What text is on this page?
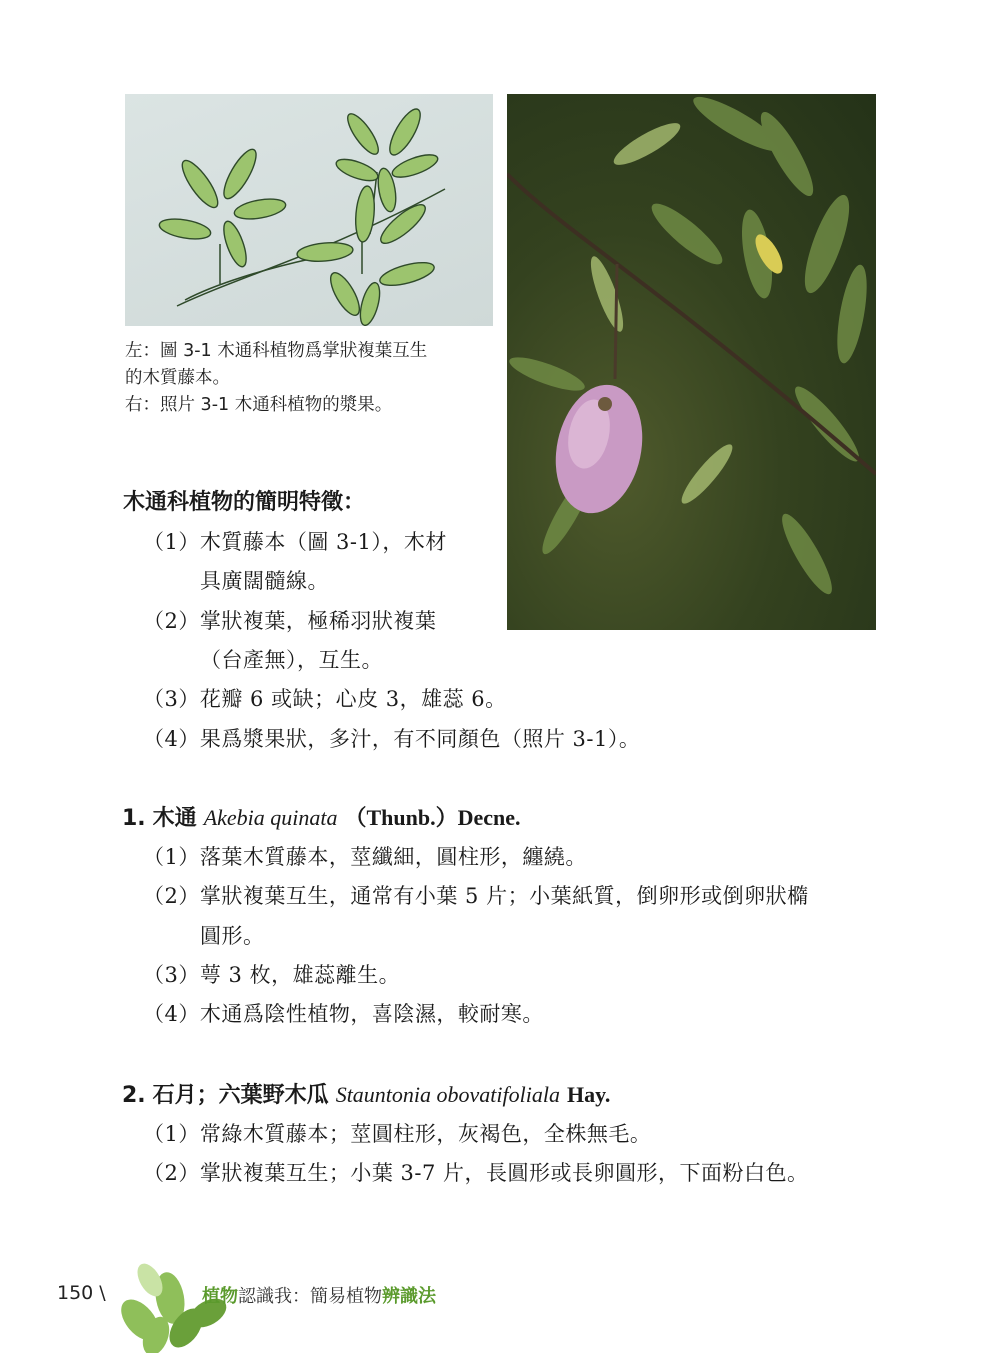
左：圖 3-1 木通科植物爲掌狀複葉互生
的木質藤本。
右：照片 3-1 木通科植物的漿果。
木通科植物的簡明特徵：
（1）木質藤本（圖 3-1），木材
具廣闊髓線。
（2）掌狀複葉，極稀羽狀複葉
（台產無），互生。
（3）花瓣 6 或缺；心皮 3，雄蕊 6。
（4）果爲漿果狀，多汁，有不同顏色（照片 3-1）。
1. 木通 Akebia quinata （Thunb.）Decne.
（1）落葉木質藤本，莖纖細，圓柱形，纏繞。
（2）掌狀複葉互生，通常有小葉 5 片；小葉紙質，倒卵形或倒卵狀橢
圓形。
（3）萼 3 枚，雄蕊離生。
（4）木通爲陰性植物，喜陰濕，較耐寒。
2. 石月；六葉野木瓜 Stauntonia obovatifoliala Hay.
（1）常綠木質藤本；莖圓柱形，灰褐色，全株無毛。
（2）掌狀複葉互生；小葉 3-7 片，長圓形或長卵圓形，下面粉白色。
150 \	植物認識我：簡易植物辨識法
